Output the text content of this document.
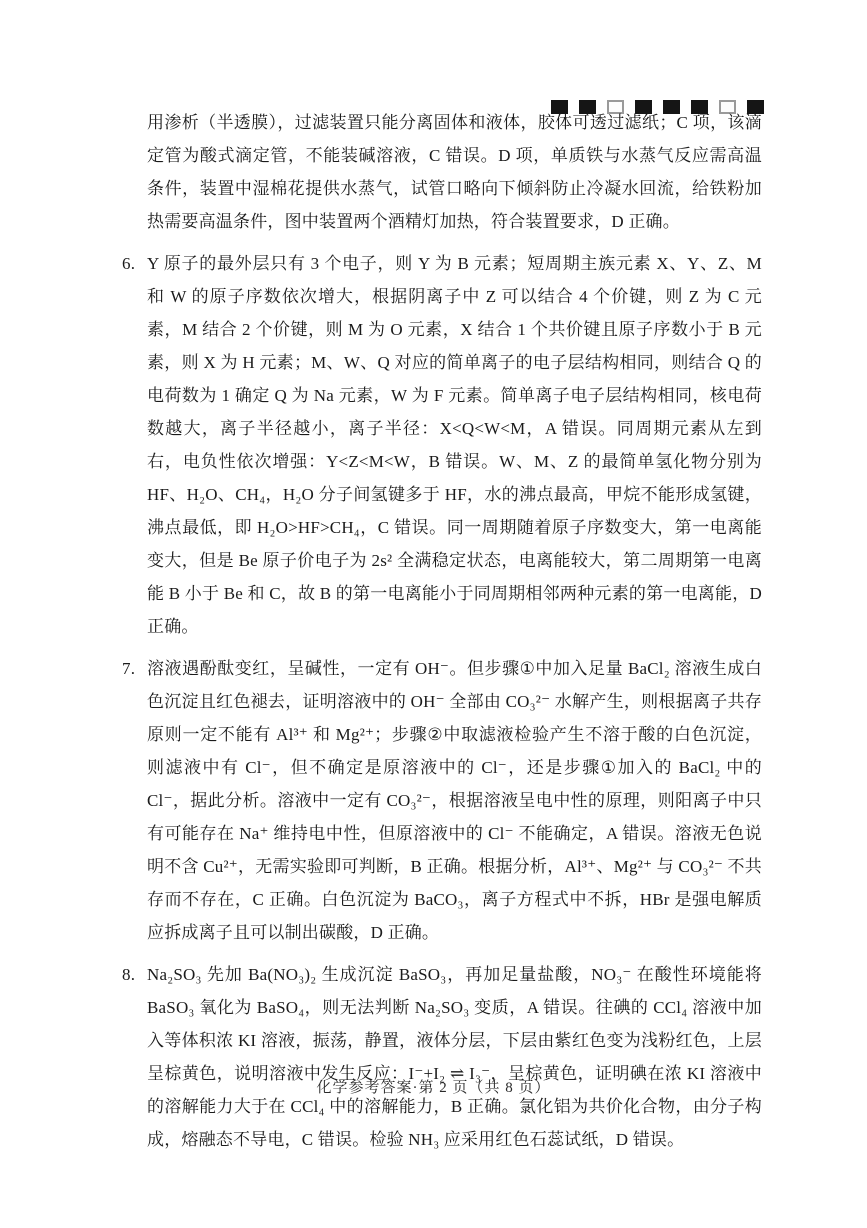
用渗析（半透膜），过滤装置只能分离固体和液体，胶体可透过滤纸；C 项，该滴定管为酸式滴定管，不能装碱溶液，C 错误。D 项，单质铁与水蒸气反应需高温条件，装置中湿棉花提供水蒸气，试管口略向下倾斜防止冷凝水回流，给铁粉加热需要高温条件，图中装置两个酒精灯加热，符合装置要求，D 正确。

6. Y 原子的最外层只有 3 个电子，则 Y 为 B 元素；短周期主族元素 X、Y、Z、M 和 W 的原子序数依次增大，根据阴离子中 Z 可以结合 4 个价键，则 Z 为 C 元素，M 结合 2 个价键，则 M 为 O 元素，X 结合 1 个共价键且原子序数小于 B 元素，则 X 为 H 元素；M、W、Q 对应的简单离子的电子层结构相同，则结合 Q 的电荷数为 1 确定 Q 为 Na 元素，W 为 F 元素。简单离子电子层结构相同，核电荷数越大，离子半径越小，离子半径：X<Q<W<M，A 错误。同周期元素从左到右，电负性依次增强：Y<Z<M<W，B 错误。W、M、Z 的最简单氢化物分别为 HF、H₂O、CH₄，H₂O 分子间氢键多于 HF，水的沸点最高，甲烷不能形成氢键，沸点最低，即 H₂O>HF>CH₄，C 错误。同一周期随着原子序数变大，第一电离能变大，但是 Be 原子价电子为 2s² 全满稳定状态，电离能较大，第二周期第一电离能 B 小于 Be 和 C，故 B 的第一电离能小于同周期相邻两种元素的第一电离能，D 正确。
7. 溶液遇酚酞变红，呈碱性，一定有 OH⁻。但步骤①中加入足量 BaCl₂ 溶液生成白色沉淀且红色褪去，证明溶液中的 OH⁻ 全部由 CO₃²⁻ 水解产生，则根据离子共存原则一定不能有 Al³⁺ 和 Mg²⁺；步骤②中取滤液检验产生不溶于酸的白色沉淀，则滤液中有 Cl⁻，但不确定是原溶液中的 Cl⁻，还是步骤①加入的 BaCl₂ 中的 Cl⁻，据此分析。溶液中一定有 CO₃²⁻，根据溶液呈电中性的原理，则阳离子中只有可能存在 Na⁺ 维持电中性，但原溶液中的 Cl⁻ 不能确定，A 错误。溶液无色说明不含 Cu²⁺，无需实验即可判断，B 正确。根据分析，Al³⁺、Mg²⁺ 与 CO₃²⁻ 不共存而不存在，C 正确。白色沉淀为 BaCO₃，离子方程式中不拆，HBr 是强电解质应拆成离子且可以制出碳酸，D 正确。
8. Na₂SO₃ 先加 Ba(NO₃)₂ 生成沉淀 BaSO₃，再加足量盐酸，NO₃⁻ 在酸性环境能将 BaSO₃ 氧化为 BaSO₄，则无法判断 Na₂SO₃ 变质，A 错误。往碘的 CCl₄ 溶液中加入等体积浓 KI 溶液，振荡，静置，液体分层，下层由紫红色变为浅粉红色，上层呈棕黄色，说明溶液中发生反应：I⁻+I₂ ⇌ I₃⁻，呈棕黄色，证明碘在浓 KI 溶液中的溶解能力大于在 CCl₄ 中的溶解能力，B 正确。氯化铝为共价化合物，由分子构成，熔融态不导电，C 错误。检验 NH₃ 应采用红色石蕊试纸，D 错误。
化学参考答案·第 2 页（共 8 页）
